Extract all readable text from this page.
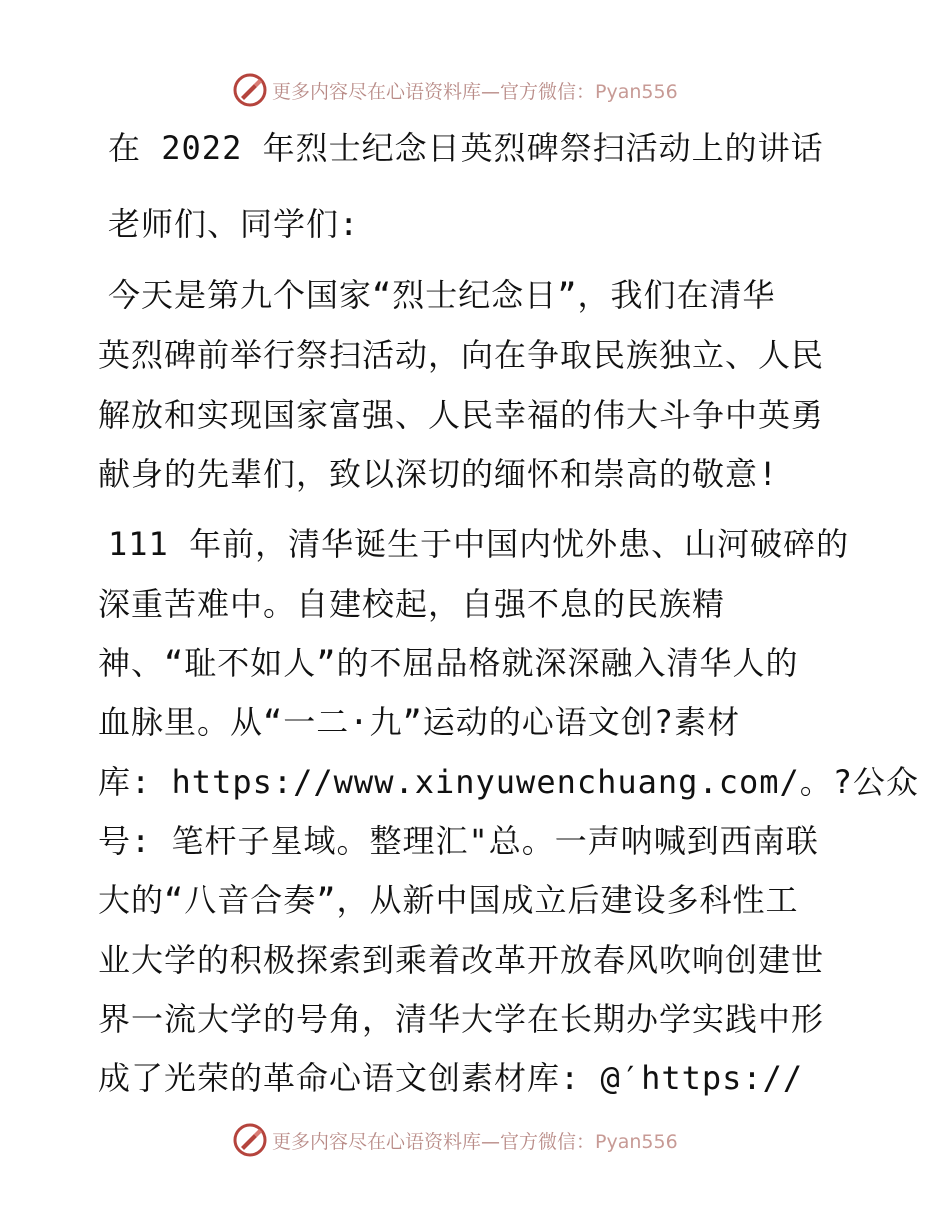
更多内容尽在心语资料库—官方微信：Pyan556
在 2022 年烈士纪念日英烈碑祭扫活动上的讲话
老师们、同学们:
今天是第九个国家“烈士纪念日”，我们在清华
英烈碑前举行祭扫活动，向在争取民族独立、人民
解放和实现国家富强、人民幸福的伟大斗争中英勇
献身的先辈们，致以深切的缅怀和崇高的敬意!
111 年前，清华诞生于中国内忧外患、山河破碎的
深重苦难中。自建校起，自强不息的民族精
神、“耻不如人”的不屈品格就深深融入清华人的
血脉里。从“一二·九”运动的心语文创?素材
库: https://www.xinyuwenchuang.com/。?公众
号: 笔杆子星域。整理汇"总。一声呐喊到西南联
大的“八音合奏”，从新中国成立后建设多科性工
业大学的积极探索到乘着改革开放春风吹响创建世
界一流大学的号角，清华大学在长期办学实践中形
成了光荣的革命心语文创素材库: @′https://
更多内容尽在心语资料库—官方微信：Pyan556
